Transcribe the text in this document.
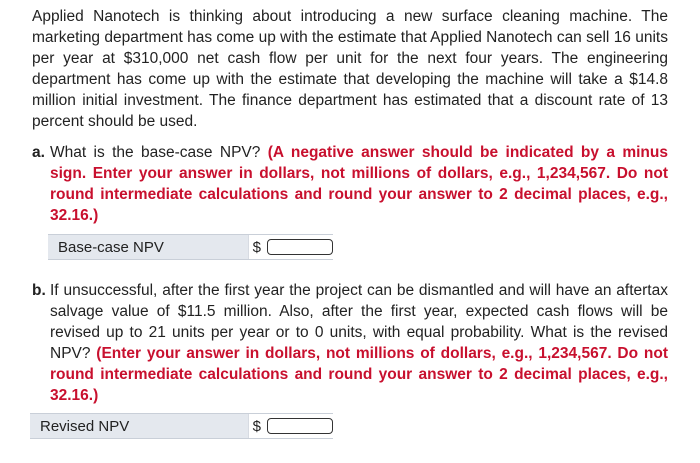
Applied Nanotech is thinking about introducing a new surface cleaning machine. The marketing department has come up with the estimate that Applied Nanotech can sell 16 units per year at $310,000 net cash flow per unit for the next four years. The engineering department has come up with the estimate that developing the machine will take a $14.8 million initial investment. The finance department has estimated that a discount rate of 13 percent should be used.

a. What is the base-case NPV? (A negative answer should be indicated by a minus sign. Enter your answer in dollars, not millions of dollars, e.g., 1,234,567. Do not round intermediate calculations and round your answer to 2 decimal places, e.g., 32.16.)
Base-case NPV	$
b. If unsuccessful, after the first year the project can be dismantled and will have an aftertax salvage value of $11.5 million. Also, after the first year, expected cash flows will be revised up to 21 units per year or to 0 units, with equal probability. What is the revised NPV? (Enter your answer in dollars, not millions of dollars, e.g., 1,234,567. Do not round intermediate calculations and round your answer to 2 decimal places, e.g., 32.16.)
Revised NPV	$
